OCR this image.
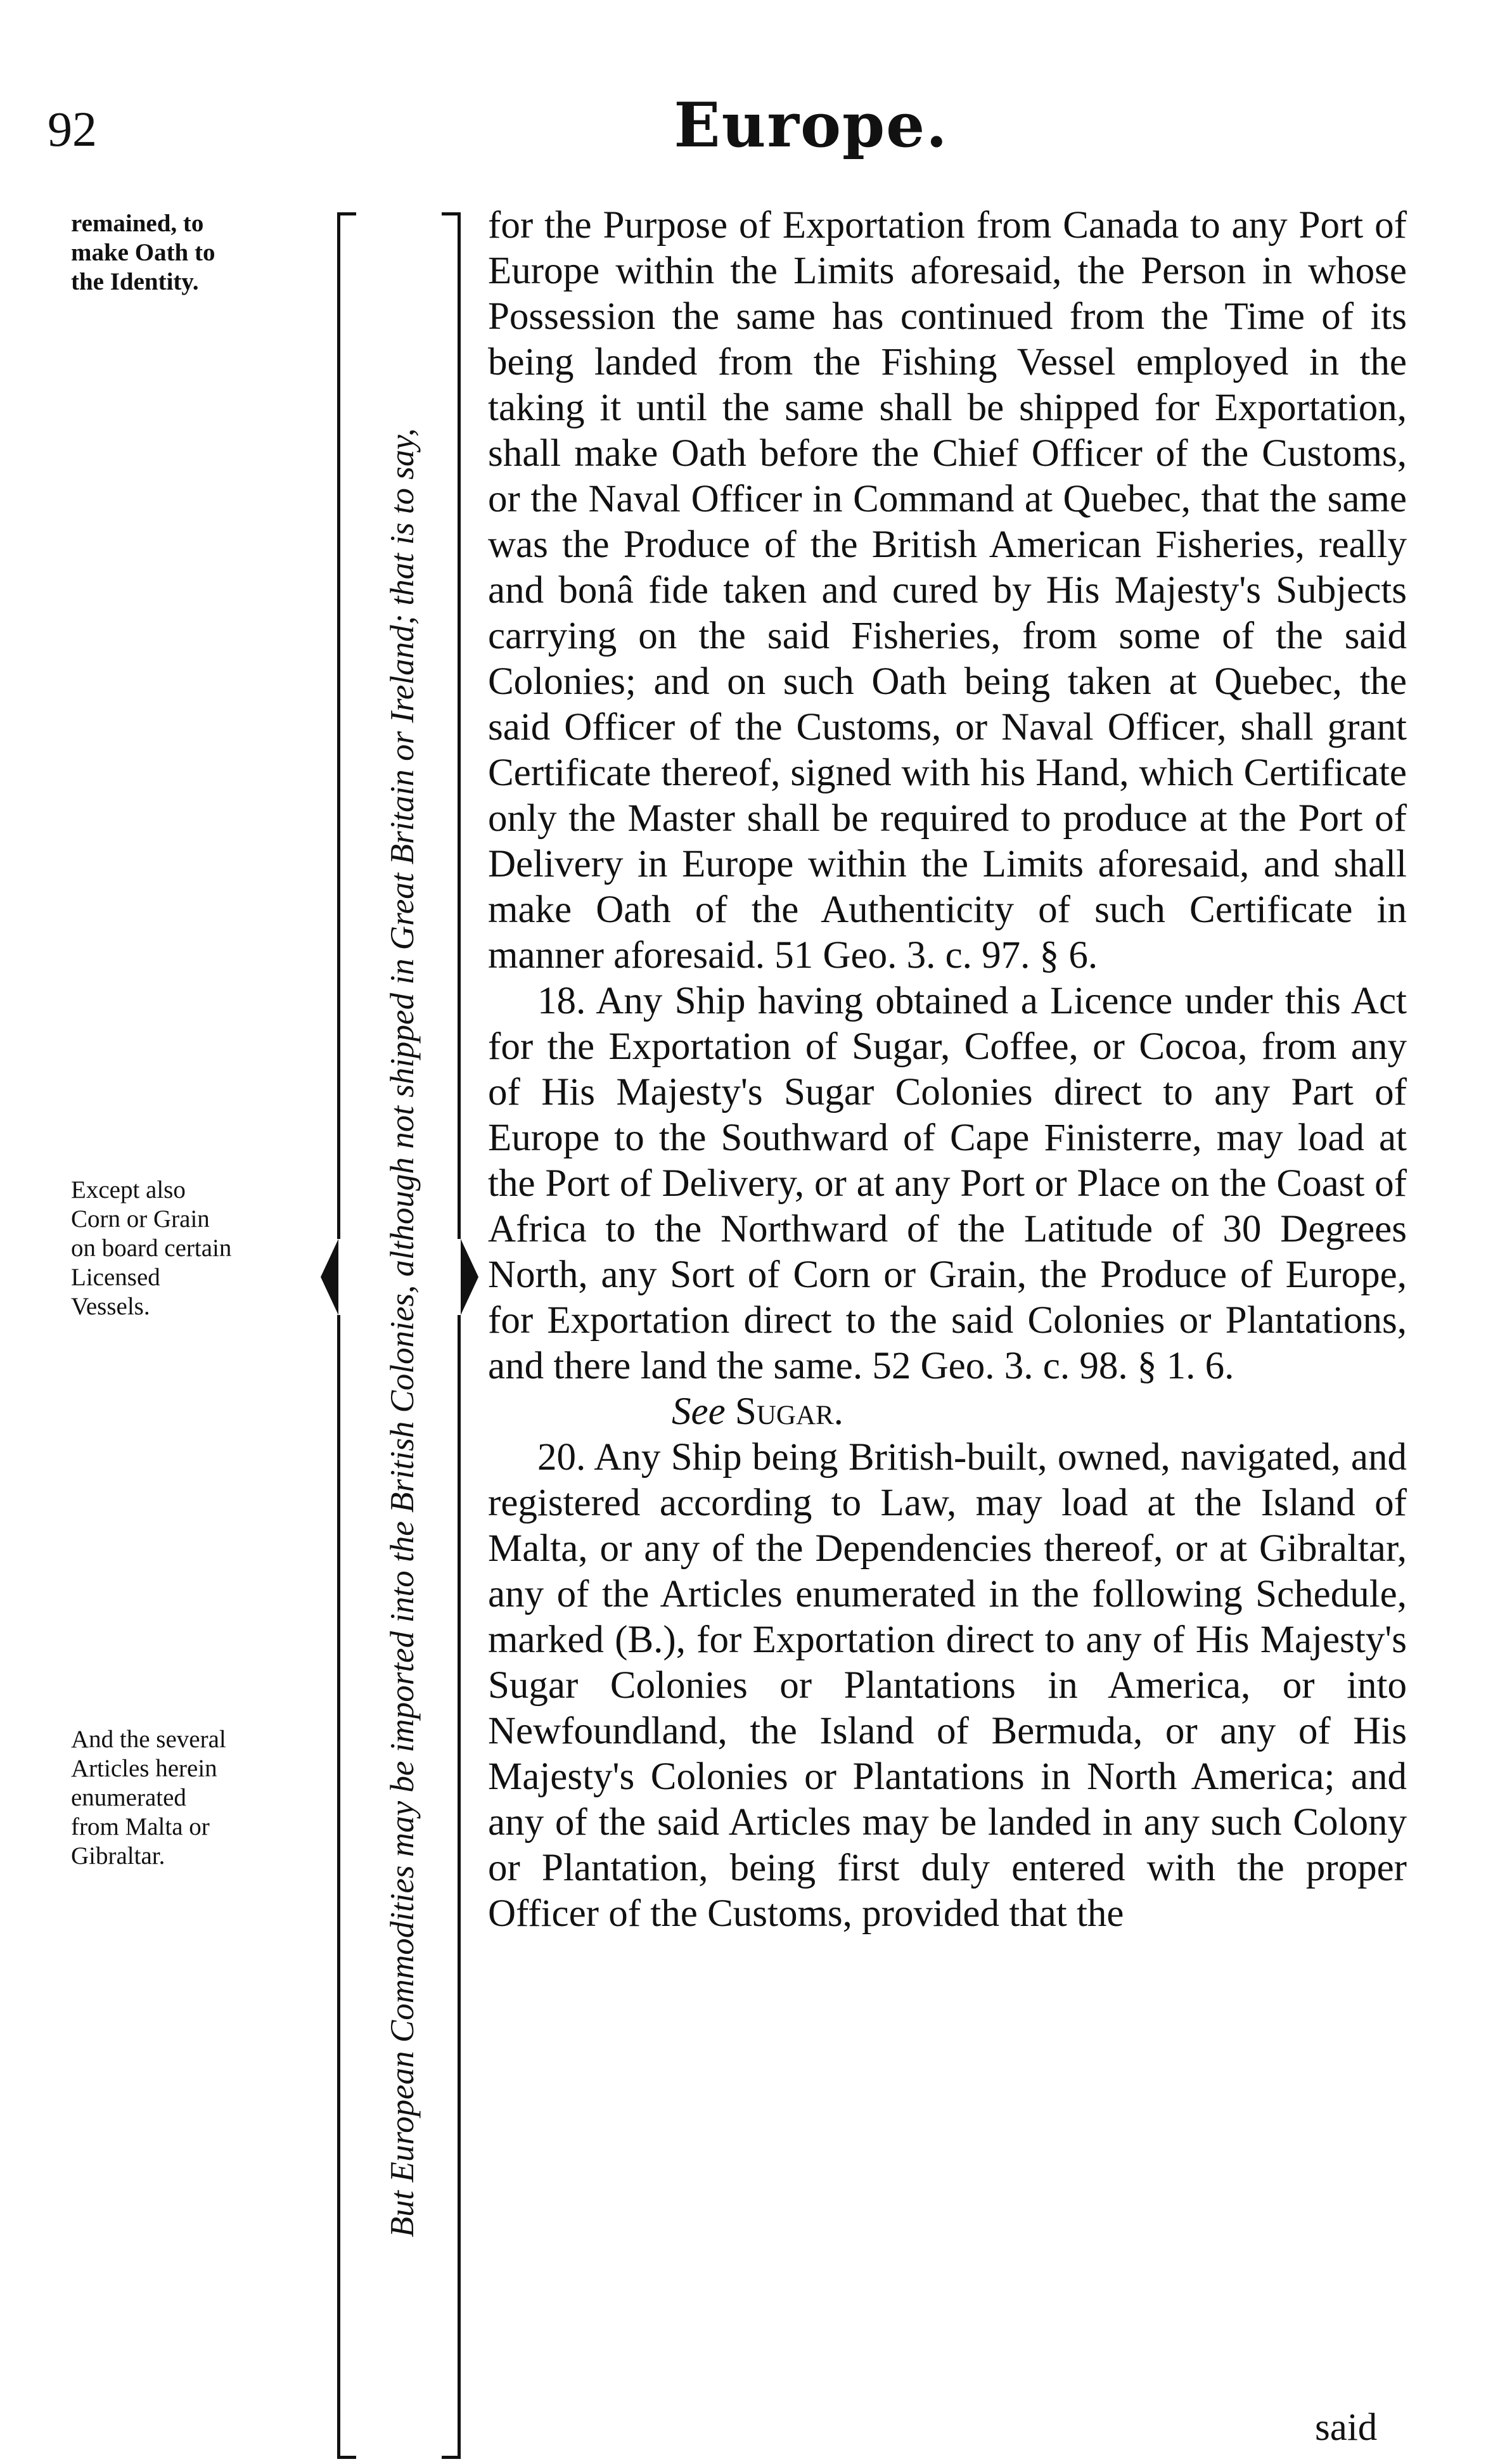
92	Europe.

remained, to

make Oath to

the Identity.

Except also

Corn or Grain

on board certain

Licensed

Vessels.

And the several

Articles herein

enumerated

from Malta or

Gibraltar.	But European Commodities may be imported into the British Colonies, although not shipped in Great Britain or Ireland; that is to say,

for the Purpose of Exportation from Canada to any Port of Europe within the Limits aforesaid, the Person in whose Possession the same has continued from the Time of its being landed from the Fishing Vessel employed in the taking it until the same shall be shipped for Exportation, shall make Oath before the Chief Officer of the Customs, or the Naval Officer in Command at Quebec, that the same was the Produce of the British American Fisheries, really and bonâ fide taken and cured by His Majesty's Subjects carrying on the said Fisheries, from some of the said Colonies; and on such Oath being taken at Quebec, the said Officer of the Customs, or Naval Officer, shall grant Certificate thereof, signed with his Hand, which Certificate only the Master shall be required to produce at the Port of Delivery in Europe within the Limits aforesaid, and shall make Oath of the Authenticity of such Certificate in manner aforesaid. 51 Geo. 3. c. 97. § 6.

18. Any Ship having obtained a Licence under this Act for the Exportation of Sugar, Coffee, or Cocoa, from any of His Majesty's Sugar Colonies direct to any Part of Europe to the Southward of Cape Finisterre, may load at the Port of Delivery, or at any Port or Place on the Coast of Africa to the Northward of the Latitude of 30 Degrees North, any Sort of Corn or Grain, the Produce of Europe, for Exportation direct to the said Colonies or Plantations, and there land the same. 52 Geo. 3. c. 98. § 1. 6.

See Sugar.

20. Any Ship being British-built, owned, navigated, and registered according to Law, may load at the Island of Malta, or any of the Dependencies thereof, or at Gibraltar, any of the Articles enumerated in the following Schedule, marked (B.), for Exportation direct to any of His Majesty's Sugar Colonies or Plantations in America, or into Newfoundland, the Island of Bermuda, or any of His Majesty's Colonies or Plantations in North America; and any of the said Articles may be landed in any such Colony or Plantation, being first duly entered with the proper Officer of the Customs, provided that the

said
